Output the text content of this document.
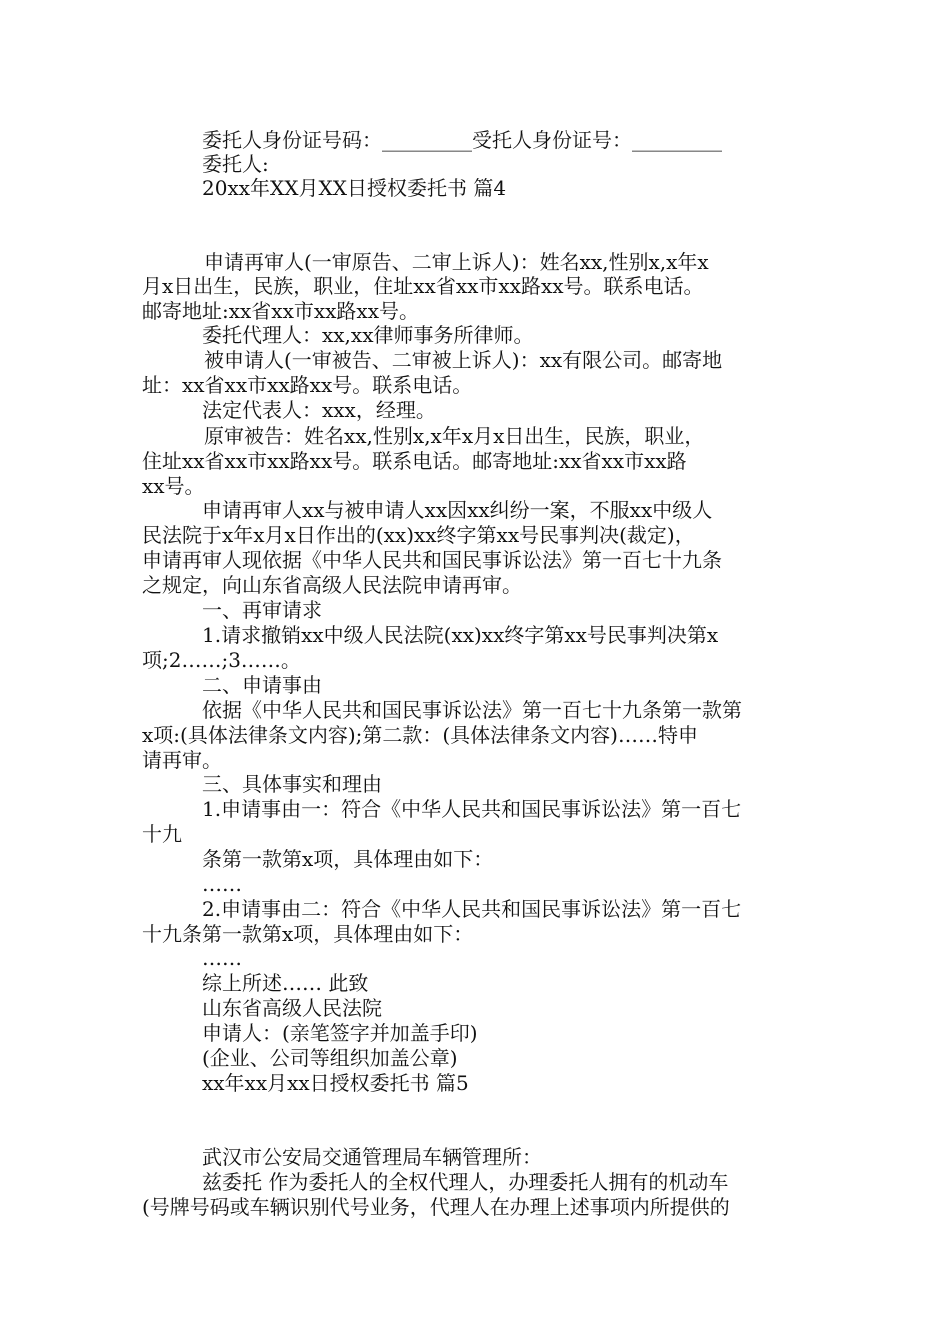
委托人身份证号码：_________受托人身份证号：_________
委托人:
20xx年XX月XX日授权委托书 篇4
申请再审人(一审原告、二审上诉人)：姓名xx,性别x,x年x
月x日出生，民族，职业，住址xx省xx市xx路xx号。联系电话。
邮寄地址:xx省xx市xx路xx号。
委托代理人：xx,xx律师事务所律师。
被申请人(一审被告、二审被上诉人)：xx有限公司。邮寄地
址：xx省xx市xx路xx号。联系电话。
法定代表人：xxx，经理。
原审被告：姓名xx,性别x,x年x月x日出生，民族，职业，
住址xx省xx市xx路xx号。联系电话。邮寄地址:xx省xx市xx路
xx号。
申请再审人xx与被申请人xx因xx纠纷一案，不服xx中级人
民法院于x年x月x日作出的(xx)xx终字第xx号民事判决(裁定)，
申请再审人现依据《中华人民共和国民事诉讼法》第一百七十九条
之规定，向山东省高级人民法院申请再审。
一、再审请求
1.请求撤销xx中级人民法院(xx)xx终字第xx号民事判决第x
项;2……;3……。
二、申请事由
依据《中华人民共和国民事诉讼法》第一百七十九条第一款第
x项:(具体法律条文内容);第二款：(具体法律条文内容)……特申
请再审。
三、具体事实和理由
1.申请事由一：符合《中华人民共和国民事诉讼法》第一百七
十九
条第一款第x项，具体理由如下：
……
2.申请事由二：符合《中华人民共和国民事诉讼法》第一百七
十九条第一款第x项，具体理由如下：
……
综上所述…… 此致
山东省高级人民法院
申请人：(亲笔签字并加盖手印)
(企业、公司等组织加盖公章)
xx年xx月xx日授权委托书 篇5
武汉市公安局交通管理局车辆管理所：
兹委托 作为委托人的全权代理人，办理委托人拥有的机动车
(号牌号码或车辆识别代号业务，代理人在办理上述事项内所提供的
